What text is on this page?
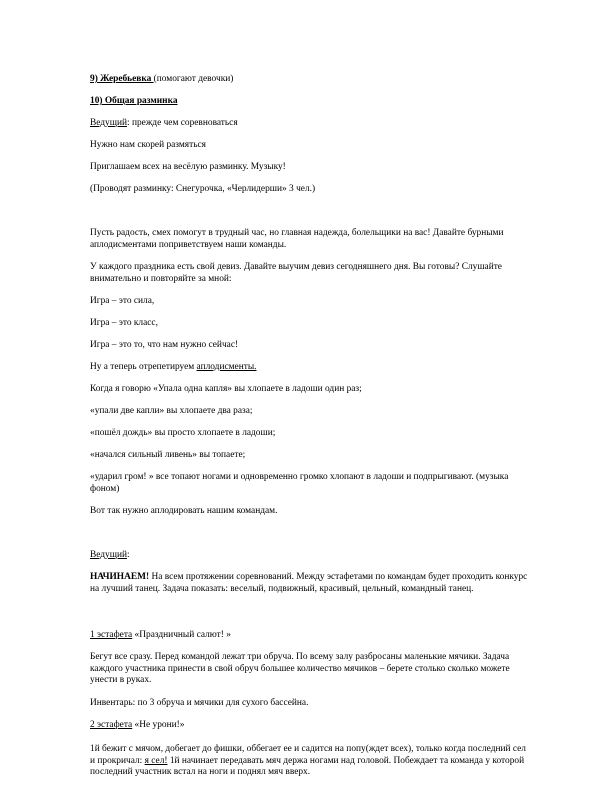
9) Жеребьевка (помогают девочки)

10) Общая разминка

Ведущий: прежде чем соревноваться

Нужно нам скорей размяться

Приглашаем всех на весёлую разминку. Музыку!

(Проводят разминку: Снегурочка, «Черлидерши» 3 чел.)

Пусть радость, смех помогут в трудный час, но главная надежда, болельщики на вас! Давайте бурными аплодисментами поприветствуем наши команды.

У каждого праздника есть свой девиз. Давайте выучим девиз сегодняшнего дня. Вы готовы? Слушайте внимательно и повторяйте за мной:

Игра – это сила,

Игра – это класс,

Игра – это то, что нам нужно сейчас!

Ну а теперь отрепетируем аплодисменты.

Когда я говорю «Упала одна капля» вы хлопаете в ладоши один раз;

«упали две капли» вы хлопаете два раза;

«пошёл дождь» вы просто хлопаете в ладоши;

«начался сильный ливень» вы топаете;

«ударил гром! » все топают ногами и одновременно громко хлопают в ладоши и подпрыгивают. (музыка фоном)

Вот так нужно аплодировать нашим командам.

Ведущий:

НАЧИНАЕМ! На всем протяжении соревнований. Между эстафетами по командам будет проходить конкурс на лучший танец. Задача показать: веселый, подвижный, красивый, цельный, командный танец.

1 эстафета «Праздничный салют! »

Бегут все сразу. Перед командой лежат три обруча. По всему залу разбросаны маленькие мячики. Задача каждого участника принести в свой обруч большее количество мячиков – берете столько сколько можете унести в руках.

Инвентарь: по 3 обруча и мячики для сухого бассейна.

2 эстафета «Не урони!»

1й бежит с мячом, добегает до фишки, оббегает ее и садится на попу(ждет всех), только когда последний сел и прокричал: я сел! 1й начинает передавать мяч держа ногами над головой. Побеждает та команда у которой последний участник встал на ноги и поднял мяч вверх.
